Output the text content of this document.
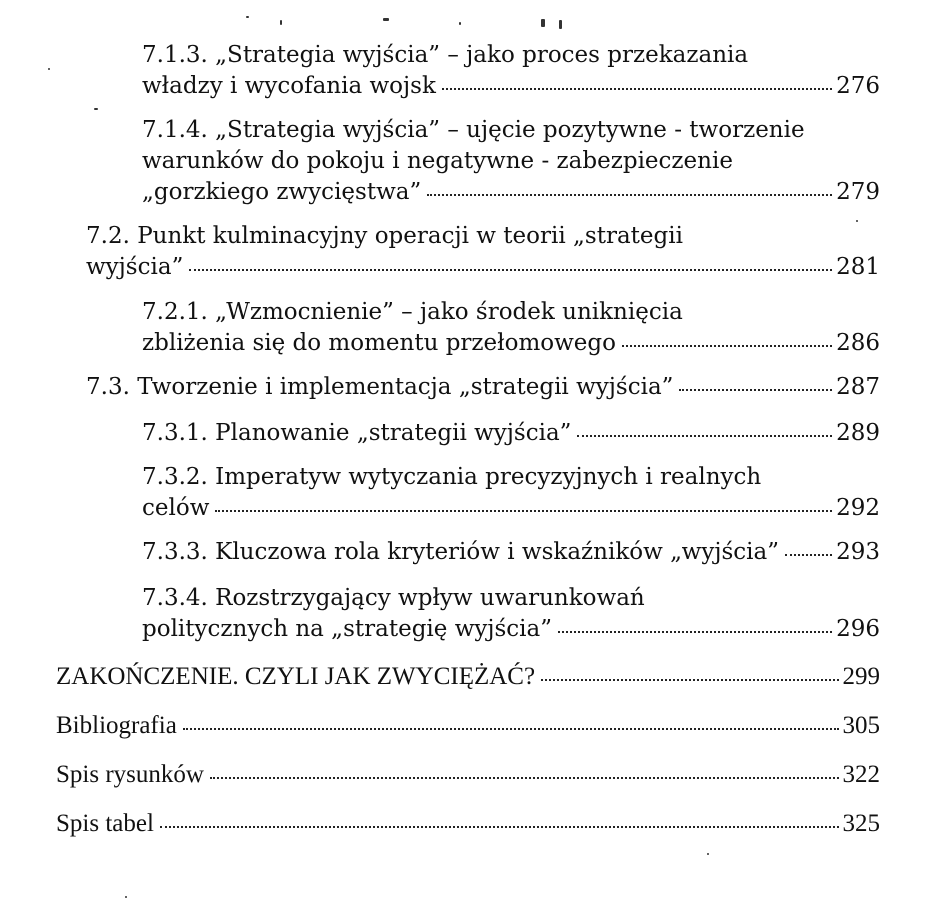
7.1.3. „Strategia wyjścia” – jako proces przekazania
władzy i wycofania wojsk	276
7.1.4. „Strategia wyjścia” – ujęcie pozytywne - tworzenie
warunków do pokoju i negatywne - zabezpieczenie
„gorzkiego zwycięstwa”	279
7.2. Punkt kulminacyjny operacji w teorii „strategii
wyjścia”	281
7.2.1. „Wzmocnienie” – jako środek uniknięcia
zbliżenia się do momentu przełomowego	286
7.3. Tworzenie i implementacja „strategii wyjścia”	287
7.3.1. Planowanie „strategii wyjścia”	289
7.3.2. Imperatyw wytyczania precyzyjnych i realnych
celów	292
7.3.3. Kluczowa rola kryteriów i wskaźników „wyjścia” 293
7.3.4. Rozstrzygający wpływ uwarunkowań
politycznych na „strategię wyjścia”	296
ZAKOŃCZENIE. CZYLI JAK ZWYCIĘŻAĆ?	299
Bibliografia	305
Spis rysunków	322
Spis tabel	325
